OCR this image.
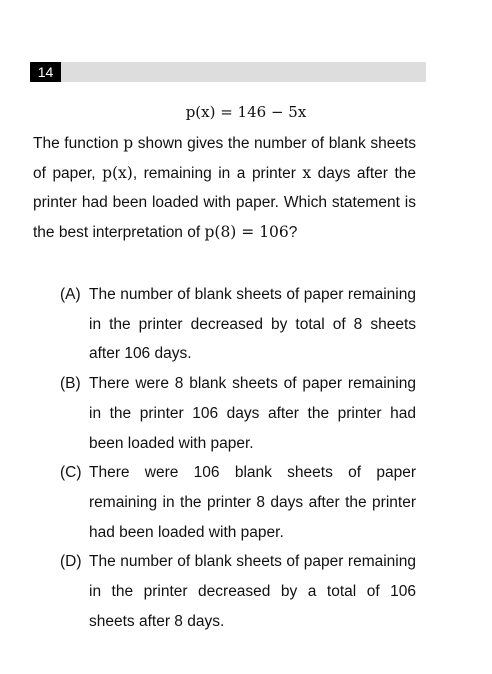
14
p(x) = 146 − 5x
The function p shown gives the number of blank sheets of paper, p(x), remaining in a printer x days after the printer had been loaded with paper. Which statement is the best interpretation of p(8) = 106?
(A) The number of blank sheets of paper remaining in the printer decreased by total of 8 sheets after 106 days.
(B) There were 8 blank sheets of paper remaining in the printer 106 days after the printer had been loaded with paper.
(C) There were 106 blank sheets of paper remaining in the printer 8 days after the printer had been loaded with paper.
(D) The number of blank sheets of paper remaining in the printer decreased by a total of 106 sheets after 8 days.
